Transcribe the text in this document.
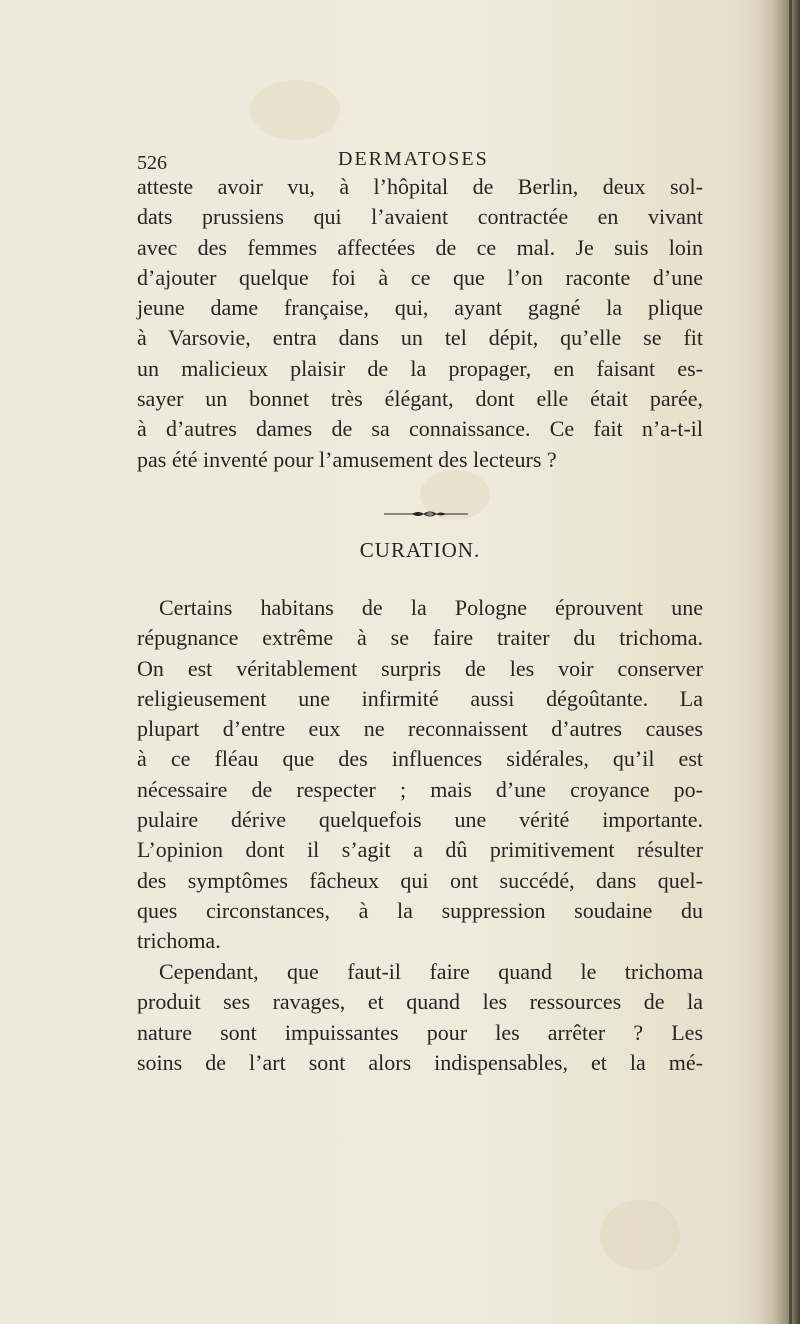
526	DERMATOSES
atteste avoir vu, à l’hôpital de Berlin, deux sol-
dats prussiens qui l’avaient contractée en vivant
avec des femmes affectées de ce mal. Je suis loin
d’ajouter quelque foi à ce que l’on raconte d’une
jeune dame française, qui, ayant gagné la plique
à Varsovie, entra dans un tel dépit, qu’elle se fit
un malicieux plaisir de la propager, en faisant es-
sayer un bonnet très élégant, dont elle était parée,
à d’autres dames de sa connaissance. Ce fait n’a-t-il
pas été inventé pour l’amusement des lecteurs ?
CURATION.
Certains habitans de la Pologne éprouvent une
répugnance extrême à se faire traiter du trichoma.
On est véritablement surpris de les voir conserver
religieusement une infirmité aussi dégoûtante. La
plupart d’entre eux ne reconnaissent d’autres causes
à ce fléau que des influences sidérales, qu’il est
nécessaire de respecter ; mais d’une croyance po-
pulaire dérive quelquefois une vérité importante.
L’opinion dont il s’agit a dû primitivement résulter
des symptômes fâcheux qui ont succédé, dans quel-
ques circonstances, à la suppression soudaine du
trichoma.
Cependant, que faut-il faire quand le trichoma
produit ses ravages, et quand les ressources de la
nature sont impuissantes pour les arrêter ? Les
soins de l’art sont alors indispensables, et la mé-
